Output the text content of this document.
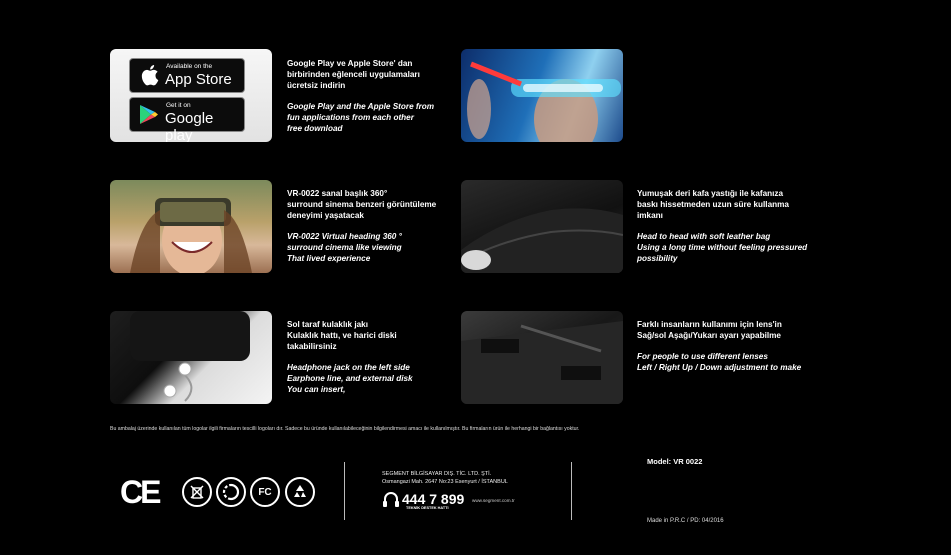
Available on the
App Store
Get it on
Google play

Google Play ve Apple Store' dan
birbirinden eğlenceli uygulamaları
ücretsiz indirin

Google Play and the Apple Store from
fun applications from each other
free download

VR-0022 sanal başlık 360°
surround sinema benzeri görüntüleme
deneyimi yaşatacak

VR-0022 Virtual heading 360 °
surround cinema like viewing
That lived experience

Yumuşak deri kafa yastığı ile kafanıza
baskı hissetmeden uzun süre kullanma
imkanı

Head to head with soft leather bag
Using a long time without feeling pressured
possibility

Sol taraf kulaklık jakı
Kulaklık hattı, ve harici diski
takabilirsiniz

Headphone jack on the left side
Earphone line, and external disk
You can insert,

Farklı insanların kullanımı için lens'in
Sağ/sol Aşağı/Yukarı ayarı yapabilme

For people to use different lenses
Left / Right Up / Down adjustment to make

Bu ambalaj üzerinde kullanılan tüm logolar ilgili firmaların tescilli logoları dır. Sadece bu üründe kullanılabileceğinin bilgilendirmesi amacı ile kullanılmıştır. Bu firmaların ürün ile herhangi bir bağlantısı yoktur.
CE	FC
SEGMENT BİLGİSAYAR DIŞ. TİC. LTD. ŞTİ.
Osmangazi Mah. 2647 No:23 Esenyurt / İSTANBUL
444 7 899
TEKNİK DESTEK HATTI
www.segment.com.tr
Model: VR 0022
Made in P.R.C / PD: 04/2016
